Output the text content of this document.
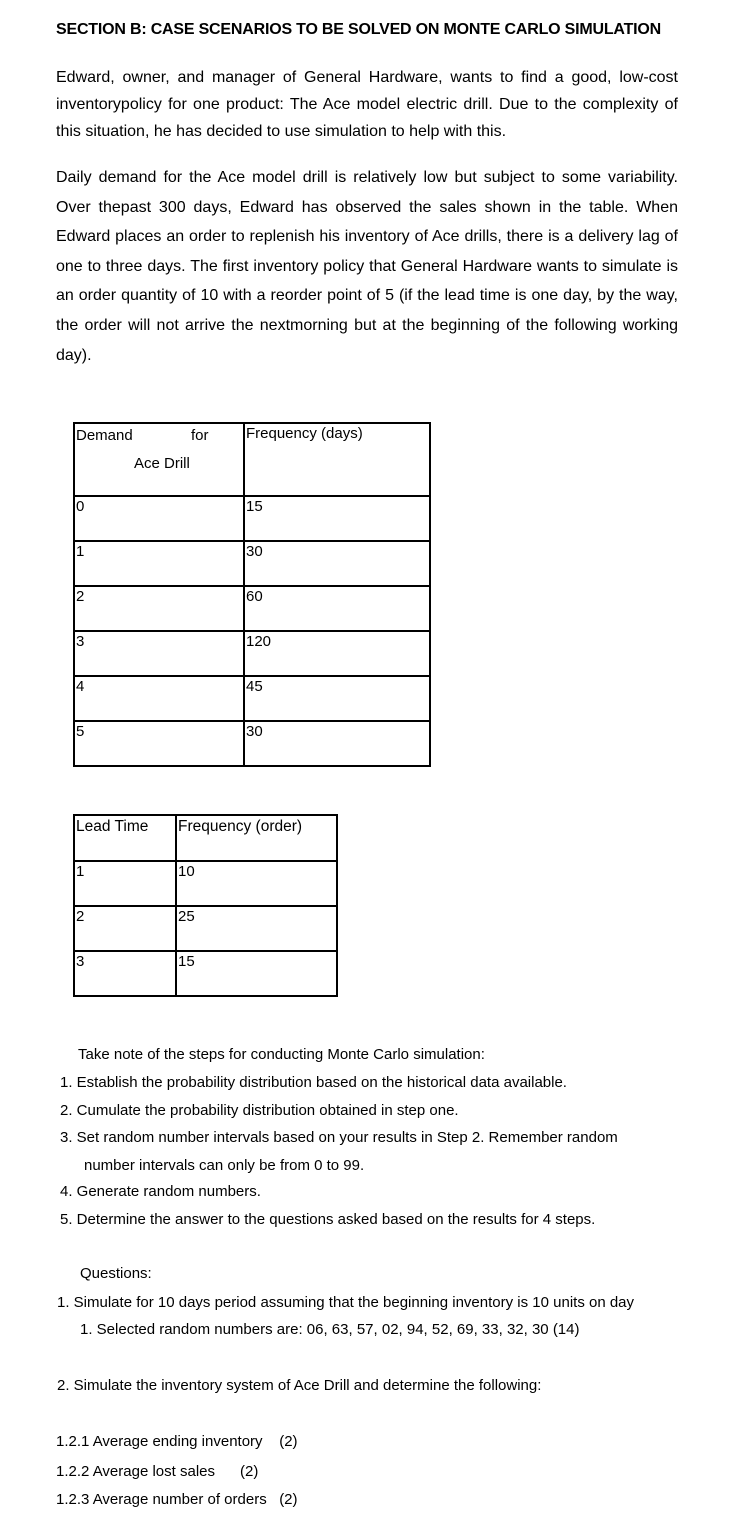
SECTION B: CASE SCENARIOS TO BE SOLVED ON MONTE CARLO SIMULATION

Edward, owner, and manager of General Hardware, wants to find a good, low-cost inventorypolicy for one product: The Ace model electric drill. Due to the complexity of this situation, he has decided to use simulation to help with this.

Daily demand for the Ace model drill is relatively low but subject to some variability. Over thepast 300 days, Edward has observed the sales shown in the table. When Edward places an order to replenish his inventory of Ace drills, there is a delivery lag of one to three days. The first inventory policy that General Hardware wants to simulate is an order quantity of 10 with a reorder point of 5 (if the lead time is one day, by the way, the order will not arrive the nextmorning but at the beginning of the following working day).

Demand for
Ace Drill	Frequency (days)
0	15
1	30
2	60
3	120
4	45
5	30
Lead Time	Frequency (order)
1	10
2	25
3	15
Take note of the steps for conducting Monte Carlo simulation:
1. Establish the probability distribution based on the historical data available.
2. Cumulate the probability distribution obtained in step one.
3. Set random number intervals based on your results in Step 2. Remember random
number intervals can only be from 0 to 99.
4. Generate random numbers.
5. Determine the answer to the questions asked based on the results for 4 steps.
Questions:
1. Simulate for 10 days period assuming that the beginning inventory is 10 units on day
1. Selected random numbers are: 06, 63, 57, 02, 94, 52, 69, 33, 32, 30 (14)
2. Simulate the inventory system of Ace Drill and determine the following:
1.2.1 Average ending inventory    (2)
1.2.2 Average lost sales      (2)
1.2.3 Average number of orders   (2)
